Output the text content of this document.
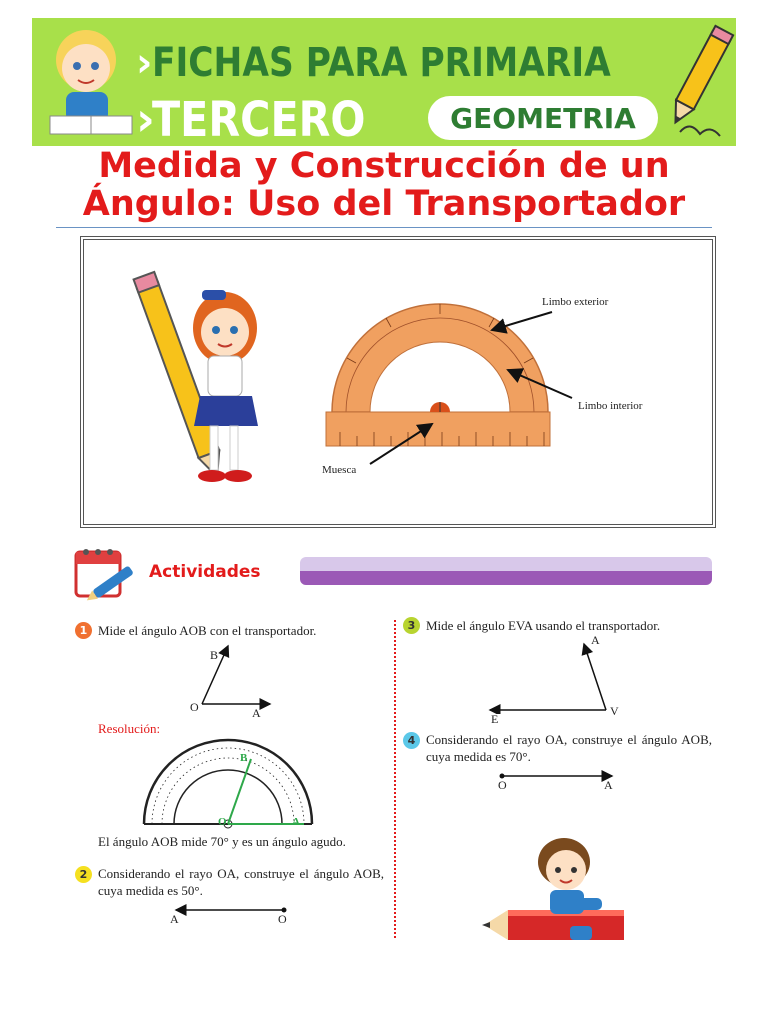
› FICHAS PARA PRIMARIA
›
TERCERO	GEOMETRIA
Medida y Construcción de un
Ángulo: Uso del Transportador
Limbo exterior
Limbo interior
Muesca
Actividades
1 Mide el ángulo AOB con el transportador.
B
O	A
Resolución:
B
O	A
El ángulo AOB mide 70° y es un ángulo agudo.
2 Considerando el rayo OA, construye el ángulo AOB, cuya medida es 50°.
A	O
3 Mide el ángulo EVA usando el transportador.
A
E
V
4 Considerando el rayo OA, construye el ángulo AOB, cuya medida es 70°.
O	A
